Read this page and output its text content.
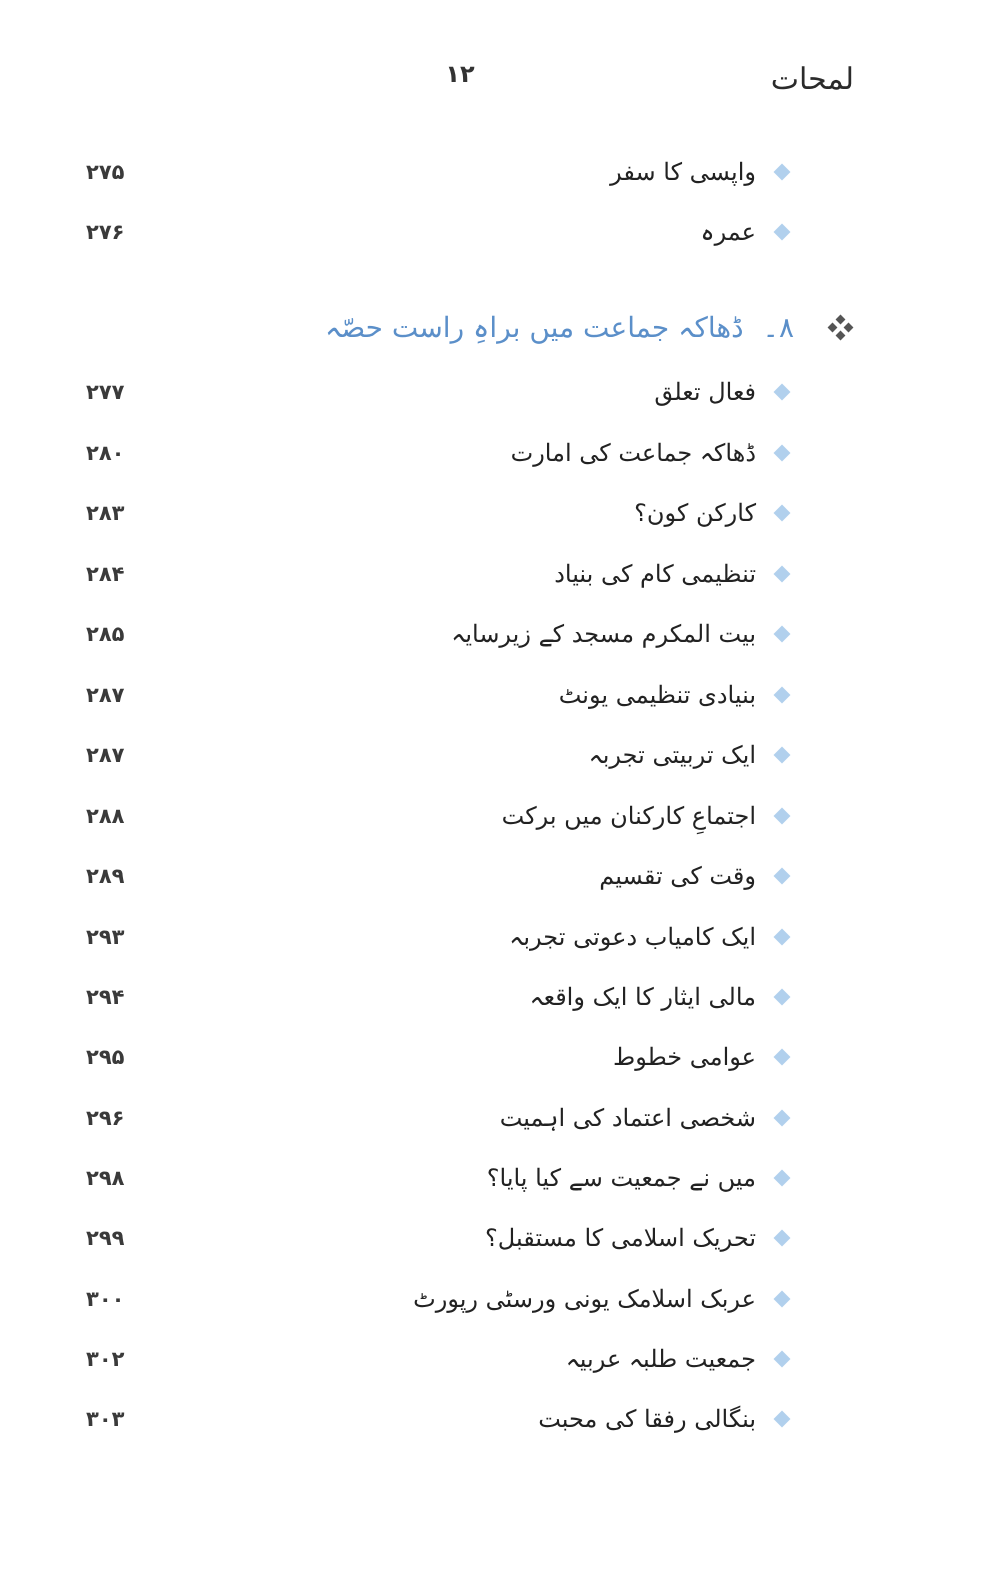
لمحات
۱۲
واپسی کا سفر
۲۷۵
عمرہ
۲۷۶
۸۔ ڈھاکہ جماعت میں براہِ راست حصّہ
فعال تعلق
۲۷۷
ڈھاکہ جماعت کی امارت
۲۸۰
کارکن کون؟
۲۸۳
تنظیمی کام کی بنیاد
۲۸۴
بیت المکرم مسجد کے زیرسایہ
۲۸۵
بنیادی تنظیمی یونٹ
۲۸۷
ایک تربیتی تجربہ
۲۸۷
اجتماعِ کارکنان میں برکت
۲۸۸
وقت کی تقسیم
۲۸۹
ایک کامیاب دعوتی تجربہ
۲۹۳
مالی ایثار کا ایک واقعہ
۲۹۴
عوامی خطوط
۲۹۵
شخصی اعتماد کی اہمیت
۲۹۶
میں نے جمعیت سے کیا پایا؟
۲۹۸
تحریک اسلامی کا مستقبل؟
۲۹۹
عربک اسلامک یونی ورسٹی رپورٹ
۳۰۰
جمعیت طلبہ عربیہ
۳۰۲
بنگالی رفقا کی محبت
۳۰۳
